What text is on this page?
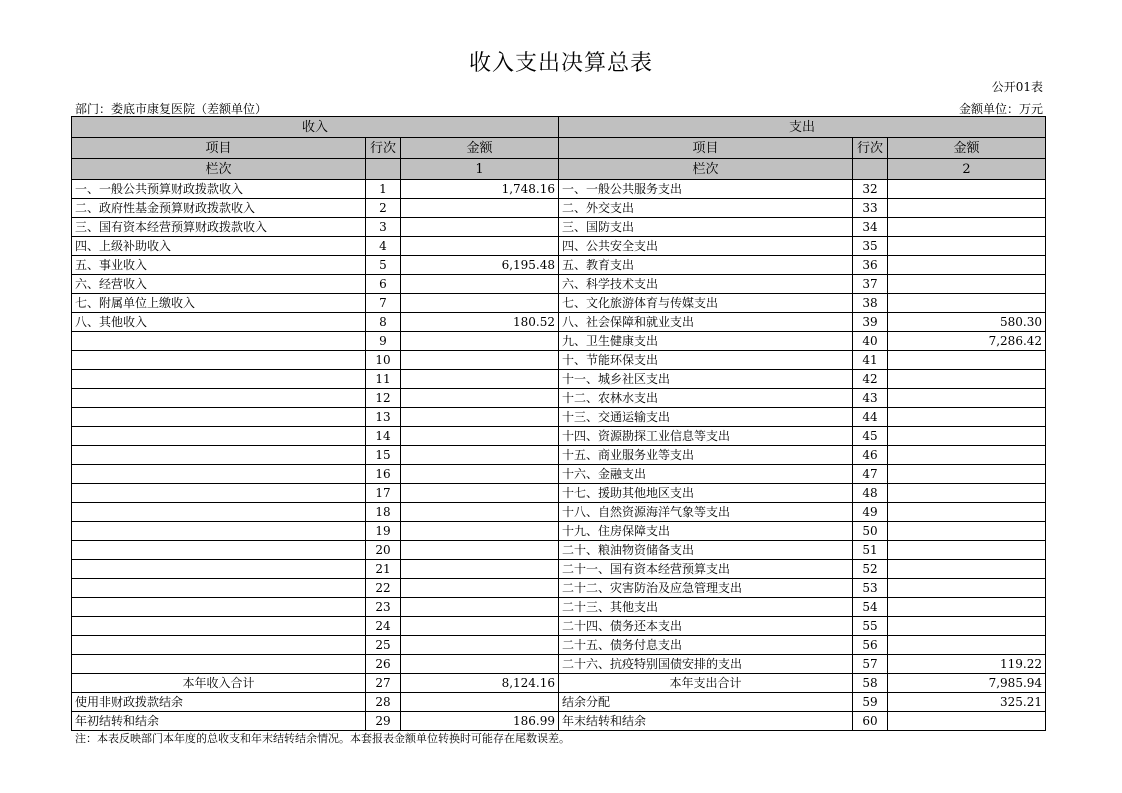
收入支出决算总表
公开01表
部门：娄底市康复医院（差额单位）	金额单位：万元
收入			支出		
项目	行次	金额	项目	行次	金额
栏次		1	栏次		2
一、一般公共预算财政拨款收入	1	1,748.16	一、一般公共服务支出	32	
二、政府性基金预算财政拨款收入	2		二、外交支出	33	
三、国有资本经营预算财政拨款收入	3		三、国防支出	34	
四、上级补助收入	4		四、公共安全支出	35	
五、事业收入	5	6,195.48	五、教育支出	36	
六、经营收入	6		六、科学技术支出	37	
七、附属单位上缴收入	7		七、文化旅游体育与传媒支出	38	
八、其他收入	8	180.52	八、社会保障和就业支出	39	580.30
	9		九、卫生健康支出	40	7,286.42
	10		十、节能环保支出	41	
	11		十一、城乡社区支出	42	
	12		十二、农林水支出	43	
	13		十三、交通运输支出	44	
	14		十四、资源勘探工业信息等支出	45	
	15		十五、商业服务业等支出	46	
	16		十六、金融支出	47	
	17		十七、援助其他地区支出	48	
	18		十八、自然资源海洋气象等支出	49	
	19		十九、住房保障支出	50	
	20		二十、粮油物资储备支出	51	
	21		二十一、国有资本经营预算支出	52	
	22		二十二、灾害防治及应急管理支出	53	
	23		二十三、其他支出	54	
	24		二十四、债务还本支出	55	
	25		二十五、债务付息支出	56	
	26		二十六、抗疫特别国债安排的支出	57	119.22
本年收入合计	27	8,124.16	本年支出合计	58	7,985.94
使用非财政拨款结余	28		结余分配	59	325.21
年初结转和结余	29	186.99	年末结转和结余	60	
注：本表反映部门本年度的总收支和年末结转结余情况。本套报表金额单位转换时可能存在尾数误差。
